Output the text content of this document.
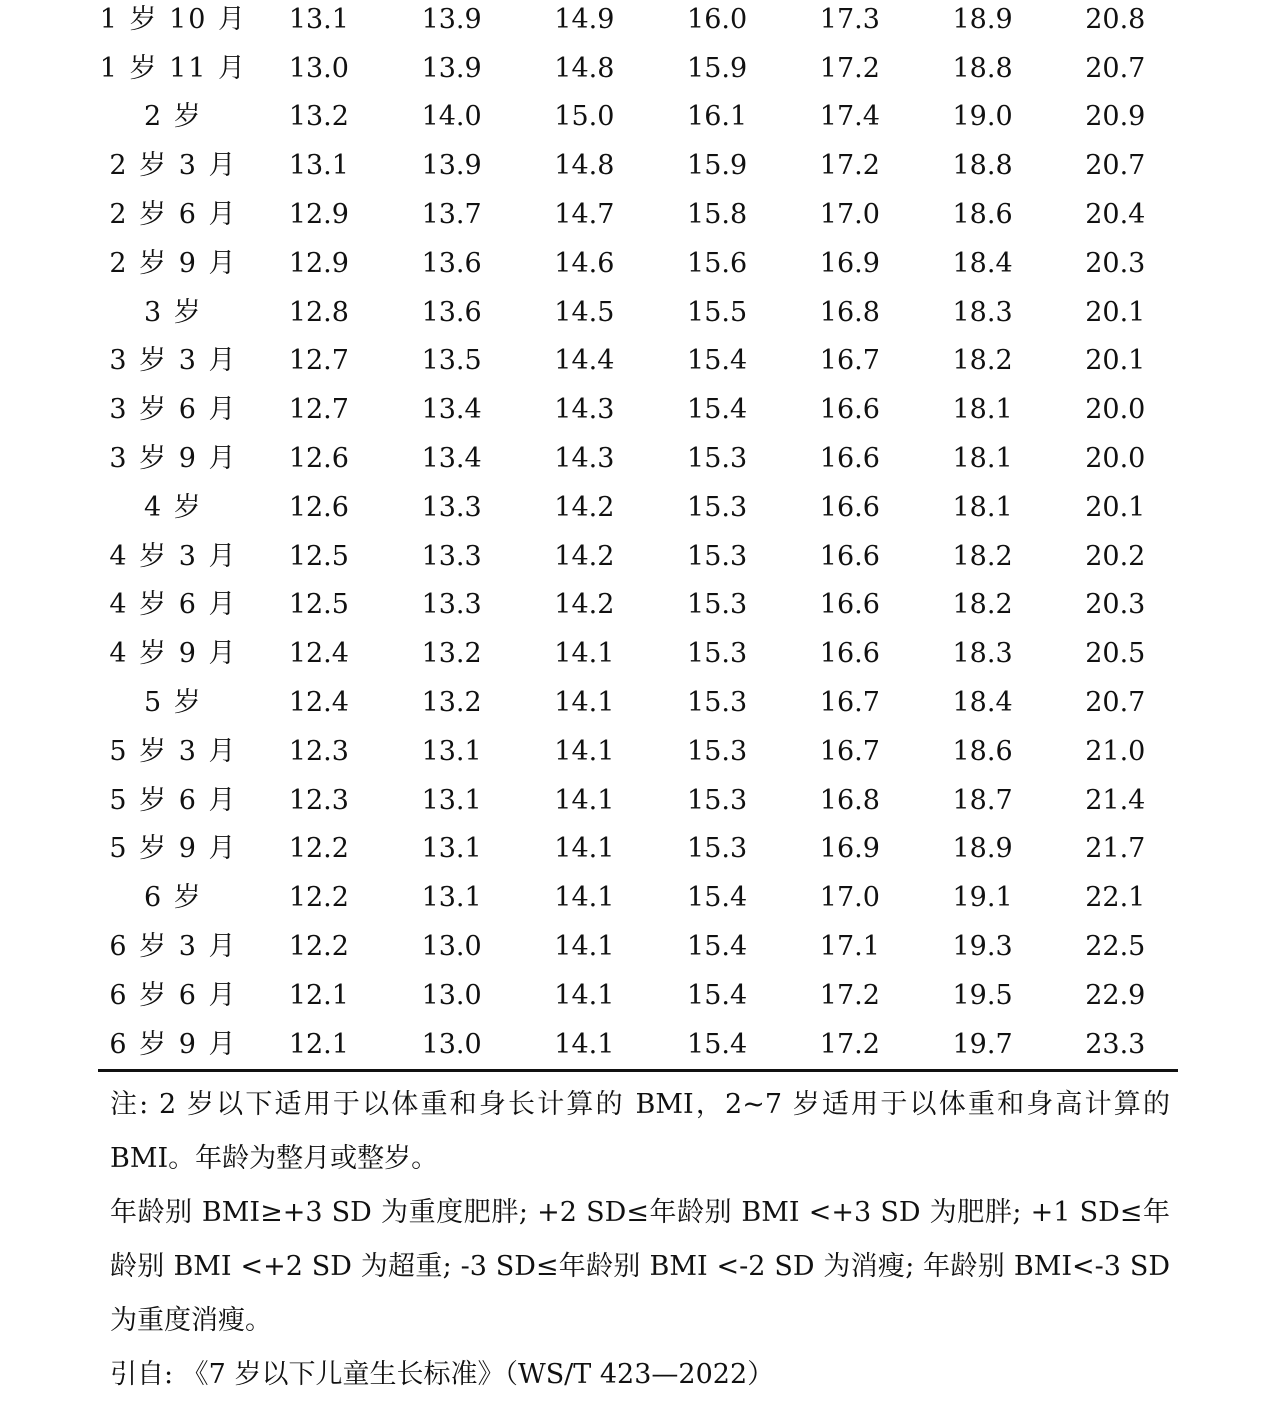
1 岁 10 月	13.1	13.9	14.9	16.0	17.3	18.9	20.8
1 岁 11 月	13.0	13.9	14.8	15.9	17.2	18.8	20.7
2 岁	13.2	14.0	15.0	16.1	17.4	19.0	20.9
2 岁 3 月	13.1	13.9	14.8	15.9	17.2	18.8	20.7
2 岁 6 月	12.9	13.7	14.7	15.8	17.0	18.6	20.4
2 岁 9 月	12.9	13.6	14.6	15.6	16.9	18.4	20.3
3 岁	12.8	13.6	14.5	15.5	16.8	18.3	20.1
3 岁 3 月	12.7	13.5	14.4	15.4	16.7	18.2	20.1
3 岁 6 月	12.7	13.4	14.3	15.4	16.6	18.1	20.0
3 岁 9 月	12.6	13.4	14.3	15.3	16.6	18.1	20.0
4 岁	12.6	13.3	14.2	15.3	16.6	18.1	20.1
4 岁 3 月	12.5	13.3	14.2	15.3	16.6	18.2	20.2
4 岁 6 月	12.5	13.3	14.2	15.3	16.6	18.2	20.3
4 岁 9 月	12.4	13.2	14.1	15.3	16.6	18.3	20.5
5 岁	12.4	13.2	14.1	15.3	16.7	18.4	20.7
5 岁 3 月	12.3	13.1	14.1	15.3	16.7	18.6	21.0
5 岁 6 月	12.3	13.1	14.1	15.3	16.8	18.7	21.4
5 岁 9 月	12.2	13.1	14.1	15.3	16.9	18.9	21.7
6 岁	12.2	13.1	14.1	15.4	17.0	19.1	22.1
6 岁 3 月	12.2	13.0	14.1	15.4	17.1	19.3	22.5
6 岁 6 月	12.1	13.0	14.1	15.4	17.2	19.5	22.9
6 岁 9 月	12.1	13.0	14.1	15.4	17.2	19.7	23.3

注: 2 岁以下适用于以体重和身长计算的 BMI，2~7 岁适用于以体重和身高计算的 BMI。年龄为整月或整岁。

年龄别 BMI≥+3 SD 为重度肥胖; +2 SD≤年龄别 BMI <+3 SD 为肥胖; +1 SD≤年龄别 BMI <+2 SD 为超重; -3 SD≤年龄别 BMI <-2 SD 为消瘦; 年龄别 BMI<-3 SD 为重度消瘦。

引自: 《7 岁以下儿童生长标准》（WS/T 423—2022）
